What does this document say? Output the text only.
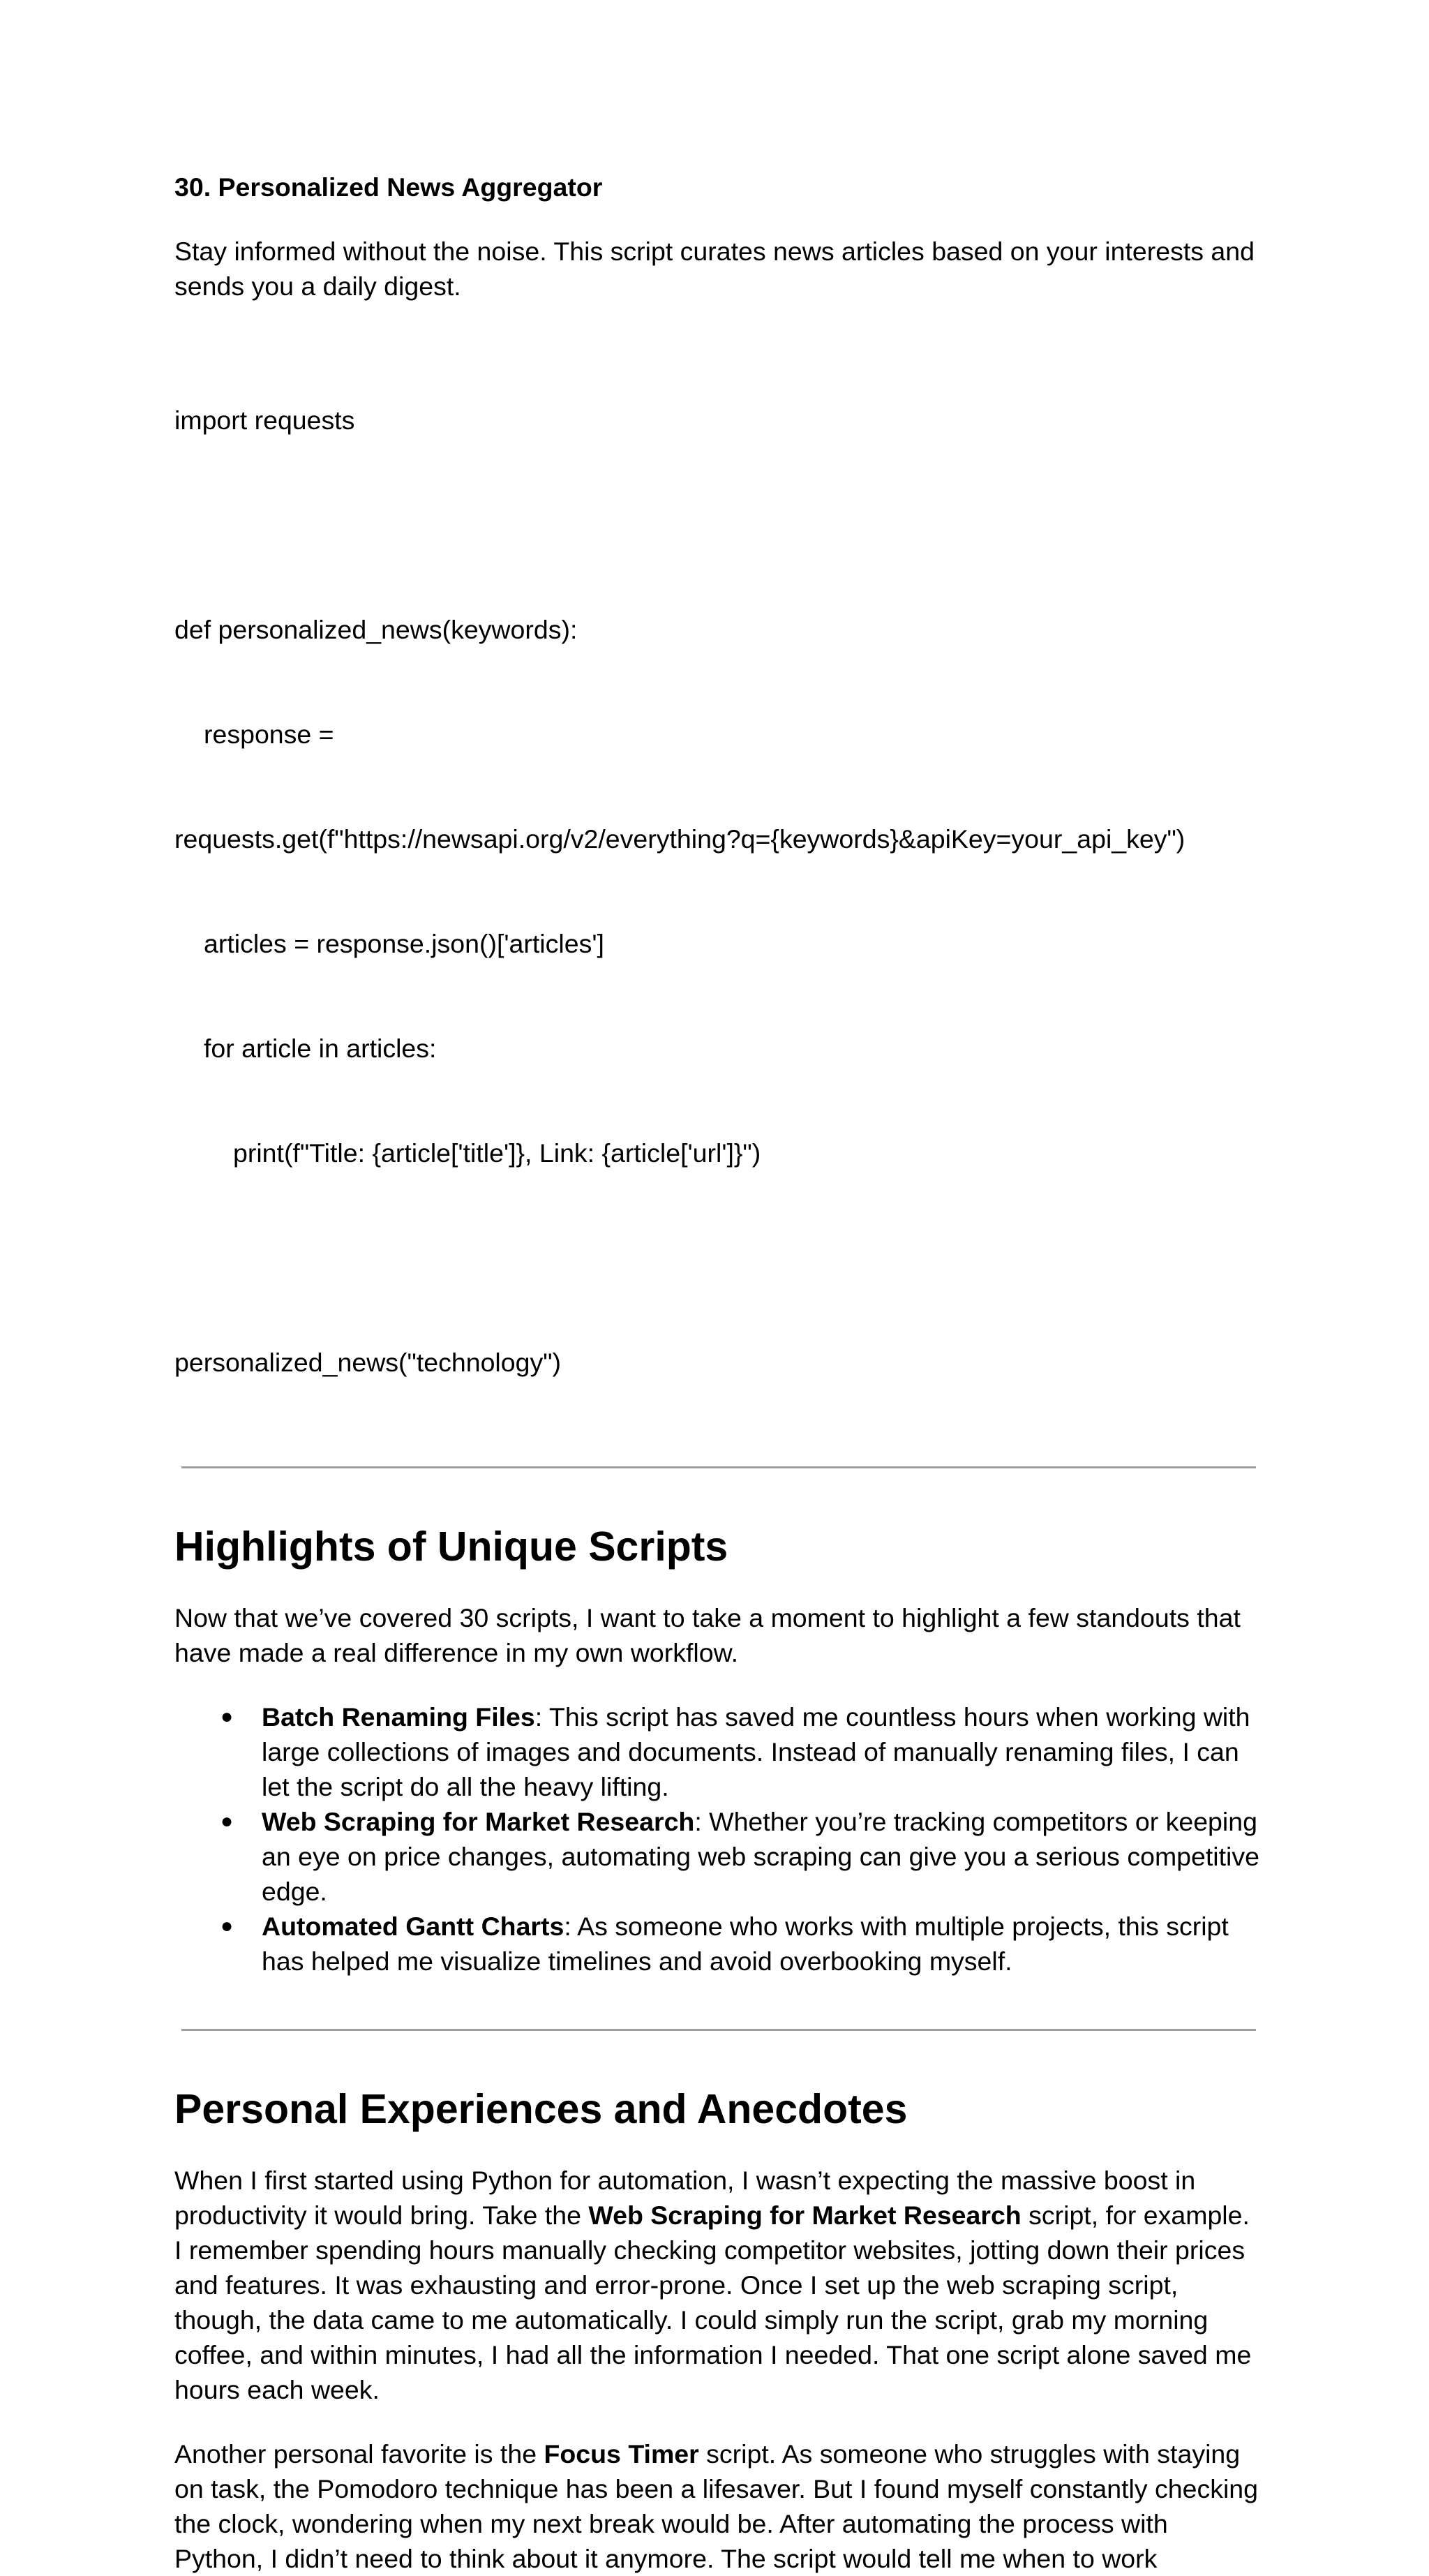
30. Personalized News Aggregator

Stay informed without the noise. This script curates news articles based on your interests and sends you a daily digest.

import requests

def personalized_news(keywords):

response =

requests.get(f"https://newsapi.org/v2/everything?q={keywords}&apiKey=your_api_key")

articles = response.json()['articles']

for article in articles:

print(f"Title: {article['title']}, Link: {article['url']}")

personalized_news("technology")

Highlights of Unique Scripts

Now that we’ve covered 30 scripts, I want to take a moment to highlight a few standouts that have made a real difference in my own workflow.

● Batch Renaming Files: This script has saved me countless hours when working with large collections of images and documents. Instead of manually renaming files, I can let the script do all the heavy lifting.
● Web Scraping for Market Research: Whether you’re tracking competitors or keeping an eye on price changes, automating web scraping can give you a serious competitive edge.
● Automated Gantt Charts: As someone who works with multiple projects, this script has helped me visualize timelines and avoid overbooking myself.
Personal Experiences and Anecdotes

When I first started using Python for automation, I wasn’t expecting the massive boost in productivity it would bring. Take the Web Scraping for Market Research script, for example. I remember spending hours manually checking competitor websites, jotting down their prices and features. It was exhausting and error-prone. Once I set up the web scraping script, though, the data came to me automatically. I could simply run the script, grab my morning coffee, and within minutes, I had all the information I needed. That one script alone saved me hours each week.

Another personal favorite is the Focus Timer script. As someone who struggles with staying on task, the Pomodoro technique has been a lifesaver. But I found myself constantly checking the clock, wondering when my next break would be. After automating the process with Python, I didn’t need to think about it anymore. The script would tell me when to work
